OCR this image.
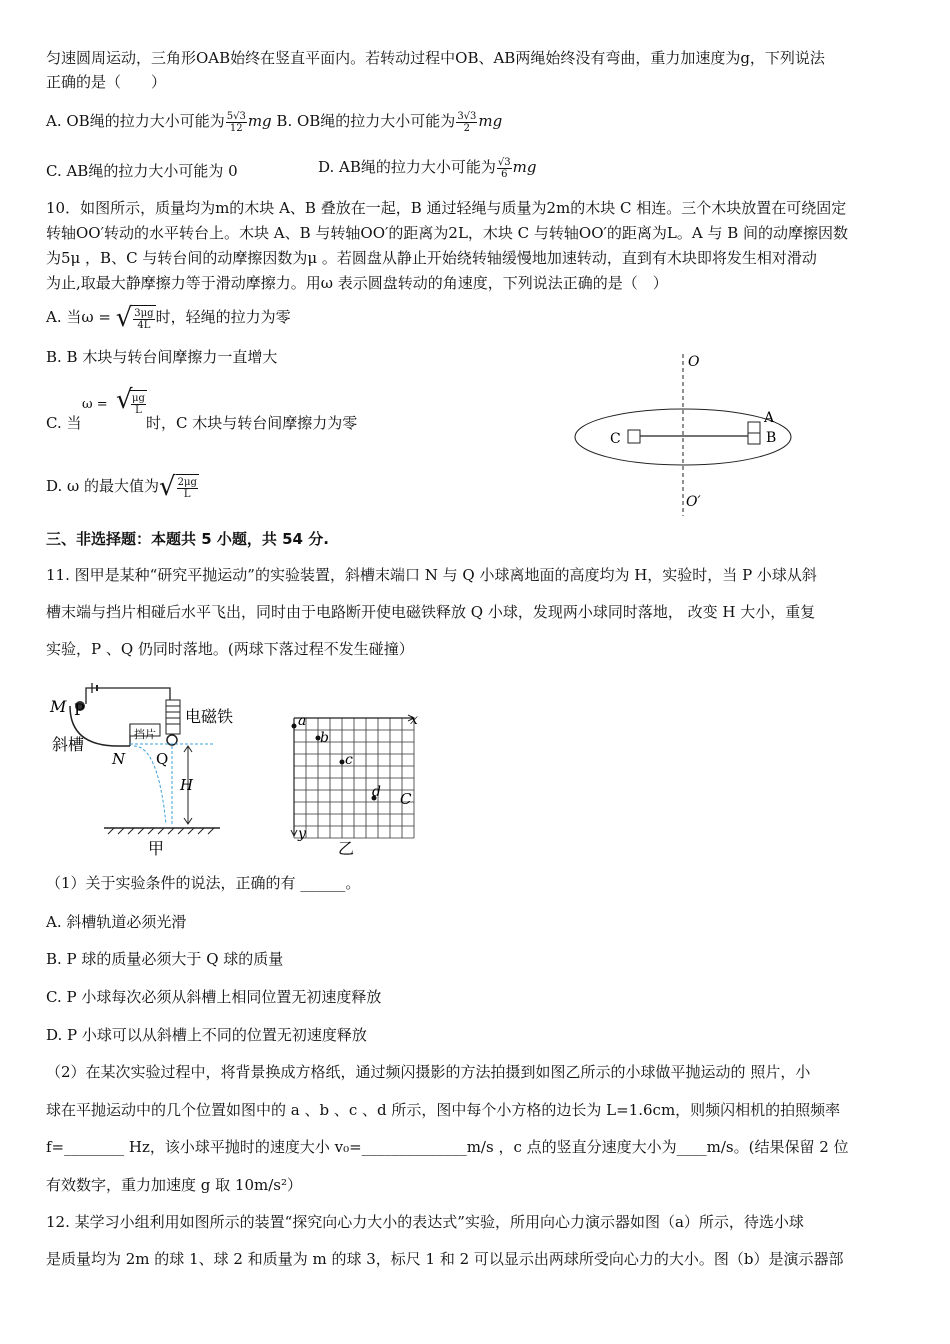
匀速圆周运动，三角形OAB始终在竖直平面内。若转动过程中OB、AB两绳始终没有弯曲，重力加速度为g，下列说法
正确的是（　　）
A. OB绳的拉力大小可能为 $\frac{5√3}{12}$ mg B. OB绳的拉力大小可能为 $\frac{3√3}{2}$ mg
C. AB绳的拉力大小可能为 0	D. AB绳的拉力大小可能为 $\frac{√3}{6}$ mg
10．如图所示，质量均为m的木块 A、B 叠放在一起，B 通过轻绳与质量为2m的木块 C 相连。三个木块放置在可绕固定
转轴OO′转动的水平转台上。木块 A、B 与转轴OO′的距离为2L，木块 C 与转轴OO′的距离为L。A 与 B 间的动摩擦因数
为5μ ，B、C 与转台间的动摩擦因数为μ 。若圆盘从静止开始绕转轴缓慢地加速转动，直到有木块即将发生相对滑动
为止,取最大静摩擦力等于滑动摩擦力。用ω 表示圆盘转动的角速度，下列说法正确的是（　）
A. 当ω = √ $\frac{3\mu g}{4L}$ 时，轻绳的拉力为零
B. B 木块与转台间摩擦力一直增大
C. 当
ω = √
$\frac{\mu g}{L}$
时，C 木块与转台间摩擦力为零
D. ω 的最大值为√ $\frac{2\mu g}{L}$
O
O′
A
B
C
三、非选择题：本题共 5 小题，共 54 分.
11. 图甲是某种“研究平抛运动”的实验装置，斜槽末端口 N 与 Q 小球离地面的高度均为 H，实验时，当 P 小球从斜
槽末端与挡片相碰后水平飞出，同时由于电路断开使电磁铁释放 Q 小球，发现两小球同时落地， 改变 H 大小，重复
实验，P 、Q 仍同时落地。(两球下落过程不发生碰撞）
M P	电磁铁
斜槽
挡片
N Q
H
甲
a
b
c
d
x
y
C
乙
（1）关于实验条件的说法，正确的有 ______。
A. 斜槽轨道必须光滑
B. P 球的质量必须大于 Q 球的质量
C. P 小球每次必须从斜槽上相同位置无初速度释放
D. P 小球可以从斜槽上不同的位置无初速度释放
（2）在某次实验过程中，将背景换成方格纸，通过频闪摄影的方法拍摄到如图乙所示的小球做平抛运动的 照片，小
球在平抛运动中的几个位置如图中的 a 、b 、c 、d 所示，图中每个小方格的边长为 L=1.6cm，则频闪相机的拍照频率
f=________ Hz，该小球平抛时的速度大小 v₀=______________m/s ，c 点的竖直分速度大小为____m/s。(结果保留 2 位
有效数字，重力加速度 g 取 10m/s²）
12. 某学习小组利用如图所示的装置“探究向心力大小的表达式”实验，所用向心力演示器如图（a）所示，待选小球
是质量均为 2m 的球 1、球 2 和质量为 m 的球 3，标尺 1 和 2 可以显示出两球所受向心力的大小。图（b）是演示器部
